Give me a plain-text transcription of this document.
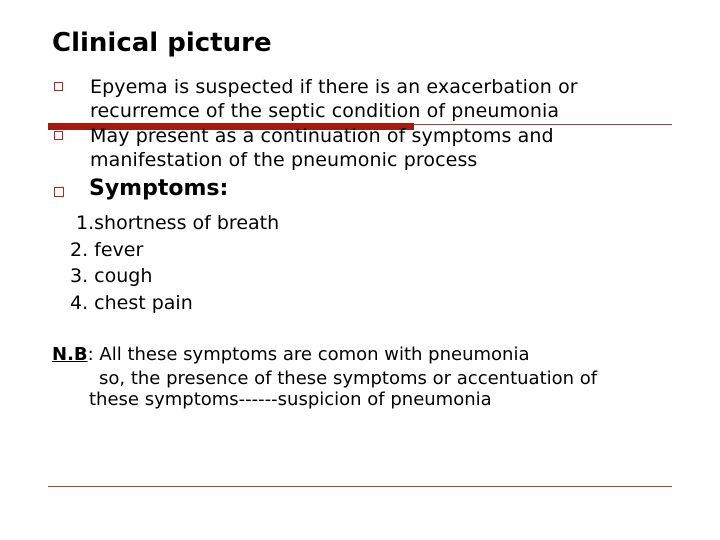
Clinical picture
Epyema is suspected if there is an exacerbation or
recurremce of the septic condition of pneumonia
May present as a continuation of symptoms and
manifestation of the pneumonic process
Symptoms:
1.shortness of breath
2. fever
3. cough
4. chest pain
N.B: All these symptoms are comon with pneumonia
so, the presence of these symptoms or accentuation of
these symptoms------suspicion of pneumonia
